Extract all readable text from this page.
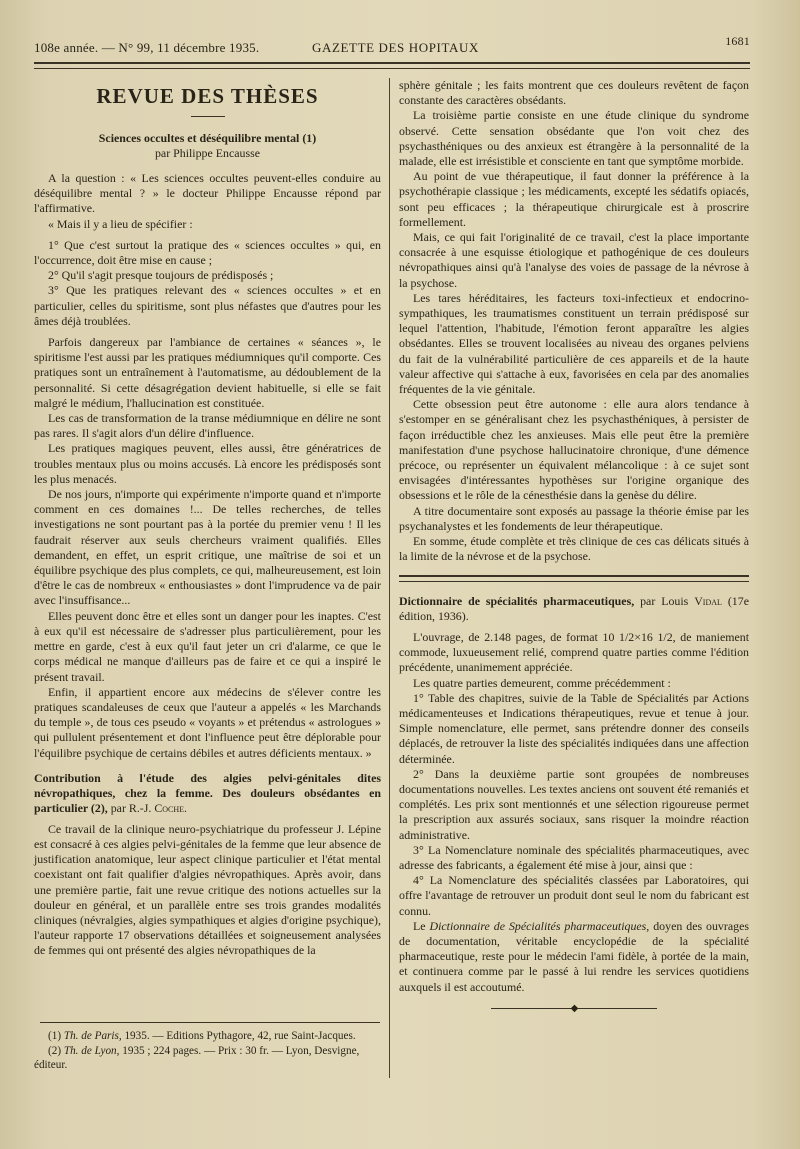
108e année. — N° 99, 11 décembre 1935.	GAZETTE DES HOPITAUX	1681
REVUE DES THÈSES

Sciences occultes et déséquilibre mental (1)

par Philippe Encausse

A la question : « Les sciences occultes peuvent-elles conduire au déséquilibre mental ? » le docteur Philippe Encausse répond par l'affirmative.

« Mais il y a lieu de spécifier :

1° Que c'est surtout la pratique des « sciences occultes » qui, en l'occurrence, doit être mise en cause ;

2° Qu'il s'agit presque toujours de prédisposés ;

3° Que les pratiques relevant des « sciences occultes » et en particulier, celles du spiritisme, sont plus néfastes que d'autres pour les âmes déjà troublées.

Parfois dangereux par l'ambiance de certaines « séances », le spiritisme l'est aussi par les pratiques médiumniques qu'il comporte. Ces pratiques sont un entraînement à l'automatisme, au dédoublement de la personnalité. Si cette désagrégation devient habituelle, si elle se fait malgré le médium, l'hallucination est constituée.

Les cas de transformation de la transe médiumnique en délire ne sont pas rares. Il s'agit alors d'un délire d'influence.

Les pratiques magiques peuvent, elles aussi, être génératrices de troubles mentaux plus ou moins accusés. Là encore les prédisposés sont les plus menacés.

De nos jours, n'importe qui expérimente n'importe quand et n'importe comment en ces domaines !... De telles recherches, de telles investigations ne sont pourtant pas à la portée du premier venu ! Il les faudrait réserver aux seuls chercheurs vraiment qualifiés. Elles demandent, en effet, un esprit critique, une maîtrise de soi et un équilibre psychique des plus complets, ce qui, malheureusement, est loin d'être le cas de nombreux « enthousiastes » dont l'imprudence va de pair avec l'insuffisance...

Elles peuvent donc être et elles sont un danger pour les inaptes. C'est à eux qu'il est nécessaire de s'adresser plus particulièrement, pour les mettre en garde, c'est à eux qu'il faut jeter un cri d'alarme, ce que le corps médical ne manque d'ailleurs pas de faire et ce qui a inspiré le présent travail.

Enfin, il appartient encore aux médecins de s'élever contre les pratiques scandaleuses de ceux que l'auteur a appelés « les Marchands du temple », de tous ces pseudo « voyants » et prétendus « astrologues » qui pullulent présentement et dont l'influence peut être déplorable pour l'équilibre psychique de certains débiles et autres déficients mentaux. »

Contribution à l'étude des algies pelvi-génitales dites névropathiques, chez la femme. Des douleurs obsédantes en particulier (2), par R.-J. Coche.

Ce travail de la clinique neuro-psychiatrique du professeur J. Lépine est consacré à ces algies pelvi-génitales de la femme que leur absence de justification anatomique, leur aspect clinique particulier et l'état mental coexistant ont fait qualifier d'algies névropathiques. Après avoir, dans une première partie, fait une revue critique des notions actuelles sur la douleur en général, et un parallèle entre ses trois grandes modalités cliniques (névralgies, algies sympathiques et algies d'origine psychique), l'auteur rapporte 17 observations détaillées et soigneusement analysées de femmes qui ont présenté des algies névropathiques de la

(1) Th. de Paris, 1935. — Editions Pythagore, 42, rue Saint-Jacques.

(2) Th. de Lyon, 1935 ; 224 pages. — Prix : 30 fr. — Lyon, Desvigne, éditeur.

sphère génitale ; les faits montrent que ces douleurs revêtent de façon constante des caractères obsédants.

La troisième partie consiste en une étude clinique du syndrome observé. Cette sensation obsédante que l'on voit chez des psychasthéniques ou des anxieux est étrangère à la personnalité de la malade, elle est irrésistible et consciente en tant que symptôme morbide.

Au point de vue thérapeutique, il faut donner la préférence à la psychothérapie classique ; les médicaments, excepté les sédatifs opiacés, sont peu efficaces ; la thérapeutique chirurgicale est à proscrire formellement.

Mais, ce qui fait l'originalité de ce travail, c'est la place importante consacrée à une esquisse étiologique et pathogénique de ces douleurs névropathiques ainsi qu'à l'analyse des voies de passage de la névrose à la psychose.

Les tares héréditaires, les facteurs toxi-infectieux et endocrino-sympathiques, les traumatismes constituent un terrain prédisposé sur lequel l'attention, l'habitude, l'émotion feront apparaître les algies obsédantes. Elles se trouvent localisées au niveau des organes pelviens du fait de la vulnérabilité particulière de ces appareils et de la haute valeur affective qui s'attache à eux, favorisées en cela par des anomalies fréquentes de la vie génitale.

Cette obsession peut être autonome : elle aura alors tendance à s'estomper en se généralisant chez les psychasthéniques, à persister de façon irréductible chez les anxieuses. Mais elle peut être la première manifestation d'une psychose hallucinatoire chronique, d'une démence précoce, ou représenter un équivalent mélancolique : à ce sujet sont envisagées d'intéressantes hypothèses sur l'origine organique des obsessions et le rôle de la cénesthésie dans la genèse du délire.

A titre documentaire sont exposés au passage la théorie émise par les psychanalystes et les fondements de leur thérapeutique.

En somme, étude complète et très clinique de ces cas délicats situés à la limite de la névrose et de la psychose.

Dictionnaire de spécialités pharmaceutiques, par Louis Vidal (17e édition, 1936).

L'ouvrage, de 2.148 pages, de format 10 1/2×16 1/2, de maniement commode, luxueusement relié, comprend quatre parties comme l'édition précédente, unanimement appréciée.

Les quatre parties demeurent, comme précédemment :

1° Table des chapitres, suivie de la Table de Spécialités par Actions médicamenteuses et Indications thérapeutiques, revue et tenue à jour. Simple nomenclature, elle permet, sans prétendre donner des conseils déplacés, de retrouver la liste des spécialités indiquées dans une affection déterminée.

2° Dans la deuxième partie sont groupées de nombreuses documentations nouvelles. Les textes anciens ont souvent été remaniés et complétés. Les prix sont mentionnés et une sélection rigoureuse permet la prescription aux assurés sociaux, sans risquer la moindre réaction administrative.

3° La Nomenclature nominale des spécialités pharmaceutiques, avec adresse des fabricants, a également été mise à jour, ainsi que :

4° La Nomenclature des spécialités classées par Laboratoires, qui offre l'avantage de retrouver un produit dont seul le nom du fabricant est connu.

Le Dictionnaire de Spécialités pharmaceutiques, doyen des ouvrages de documentation, véritable encyclopédie de la spécialité pharmaceutique, reste pour le médecin l'ami fidèle, à portée de la main, et continuera comme par le passé à lui rendre les services quotidiens auxquels il est accoutumé.

◆
